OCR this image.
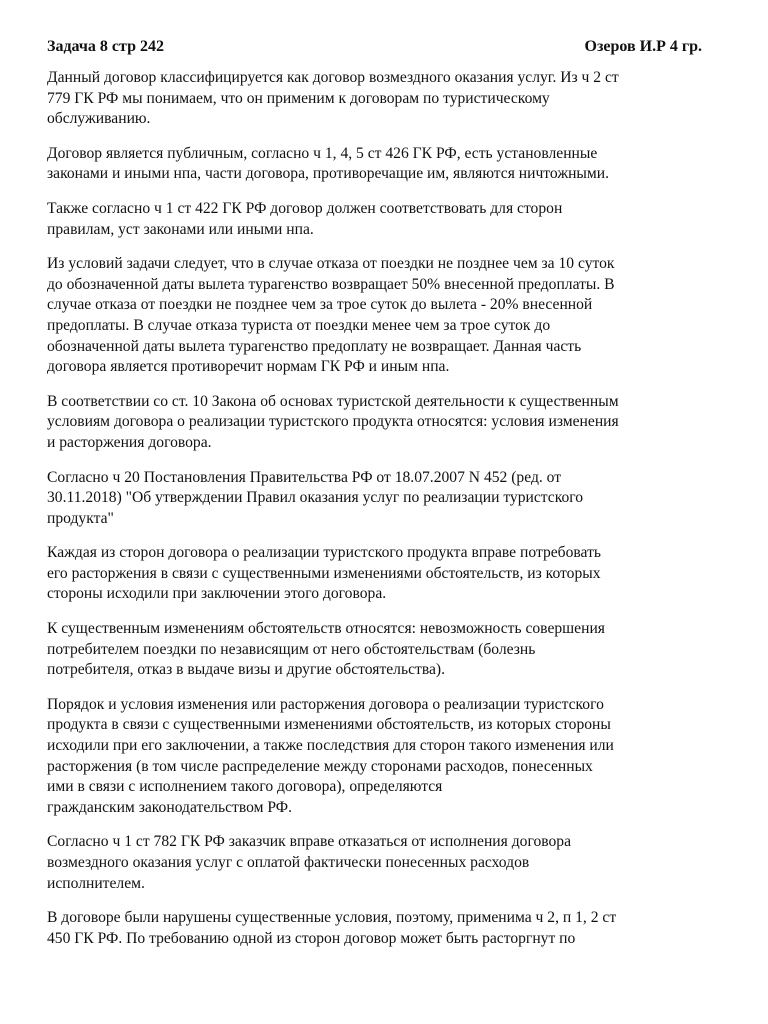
Задача 8 стр 242	Озеров И.Р 4 гр.

Данный договор классифицируется как договор возмездного оказания услуг. Из ч 2 ст
779 ГК РФ мы понимаем, что он применим к договорам по туристическому
обслуживанию.

Договор является публичным, согласно ч 1, 4, 5 ст 426 ГК РФ, есть установленные
законами и иными нпа, части договора, противоречащие им, являются ничтожными.

Также согласно ч 1 ст 422 ГК РФ договор должен соответствовать для сторон
правилам, уст законами или иными нпа.

Из условий задачи следует, что в случае отказа от поездки не позднее чем за 10 суток
до обозначенной даты вылета турагенство возвращает 50% внесенной предоплаты. В
случае отказа от поездки не позднее чем за трое суток до вылета - 20% внесенной
предоплаты. В случае отказа туриста от поездки менее чем за трое суток до
обозначенной даты вылета турагенство предоплату не возвращает. Данная часть
договора является противоречит нормам ГК РФ и иным нпа.

В соответствии со ст. 10 Закона об основах туристской деятельности к существенным
условиям договора о реализации туристского продукта относятся: условия изменения
и расторжения договора.

Согласно ч 20 Постановления Правительства РФ от 18.07.2007 N 452 (ред. от
30.11.2018) "Об утверждении Правил оказания услуг по реализации туристского
продукта"

Каждая из сторон договора о реализации туристского продукта вправе потребовать
его расторжения в связи с существенными изменениями обстоятельств, из которых
стороны исходили при заключении этого договора.

К существенным изменениям обстоятельств относятся: невозможность совершения
потребителем поездки по независящим от него обстоятельствам (болезнь
потребителя, отказ в выдаче визы и другие обстоятельства).

Порядок и условия изменения или расторжения договора о реализации туристского
продукта в связи с существенными изменениями обстоятельств, из которых стороны
исходили при его заключении, а также последствия для сторон такого изменения или
расторжения (в том числе распределение между сторонами расходов, понесенных
ими в связи с исполнением такого договора), определяются
гражданским законодательством РФ.

Согласно ч 1 ст 782 ГК РФ заказчик вправе отказаться от исполнения договора
возмездного оказания услуг с оплатой фактически понесенных расходов
исполнителем.

В договоре были нарушены существенные условия, поэтому, применима ч 2, п 1, 2 ст
450 ГК РФ. По требованию одной из сторон договор может быть расторгнут по
